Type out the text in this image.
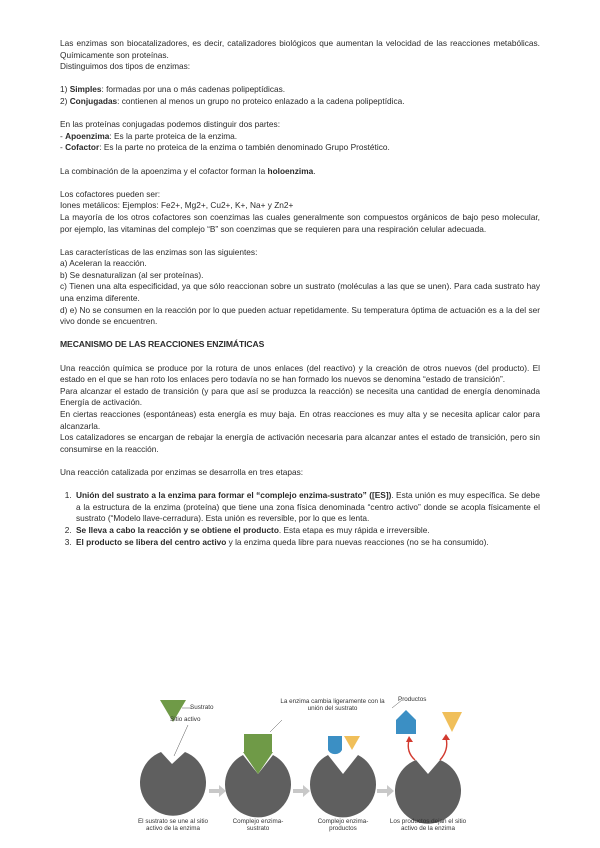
Las enzimas son biocatalizadores, es decir, catalizadores biológicos que aumentan la velocidad de las reacciones metabólicas. Químicamente son proteínas.

Distinguimos dos tipos de enzimas:

1) Simples: formadas por una o más cadenas polipeptídicas.

2) Conjugadas: contienen al menos un grupo no proteico enlazado a la cadena polipeptídica.

En las proteínas conjugadas podemos distinguir dos partes:

- Apoenzima: Es la parte proteica de la enzima.

- Cofactor: Es la parte no proteica de la enzima o también denominado Grupo Prostético.

La combinación de la apoenzima y el cofactor forman la holoenzima.

Los cofactores pueden ser:

Iones metálicos: Ejemplos: Fe2+, Mg2+, Cu2+, K+, Na+ y Zn2+

La mayoría de los otros cofactores son coenzimas las cuales generalmente son compuestos orgánicos de bajo peso molecular, por ejemplo, las vitaminas del complejo “B” son coenzimas que se requieren para una respiración celular adecuada.

Las características de las enzimas son las siguientes:

a) Aceleran la reacción.

b) Se desnaturalizan (al ser proteínas).

c) Tienen una alta especificidad, ya que sólo reaccionan sobre un sustrato (moléculas a las que se unen). Para cada sustrato hay una enzima diferente.

d) e) No se consumen en la reacción por lo que pueden actuar repetidamente. Su temperatura óptima de actuación es a la del ser vivo donde se encuentren.

MECANISMO DE LAS REACCIONES ENZIMÁTICAS

Una reacción química se produce por la rotura de unos enlaces (del reactivo) y la creación de otros nuevos (del producto). El estado en el que se han roto los enlaces pero todavía no se han formado los nuevos se denomina “estado de transición”.

Para alcanzar el estado de transición (y para que así se produzca la reacción) se necesita una cantidad de energía denominada Energía de activación.

En ciertas reacciones (espontáneas) esta energía es muy baja. En otras reacciones es muy alta y se necesita aplicar calor para alcanzarla.

Los catalizadores se encargan de rebajar la energía de activación necesaria para alcanzar antes el estado de transición, pero sin consumirse en la reacción.

Una reacción catalizada por enzimas se desarrolla en tres etapas:

1. Unión del sustrato a la enzima para formar el “complejo enzima-sustrato” ([ES]). Esta unión es muy específica. Se debe a la estructura de la enzima (proteína) que tiene una zona física denominada “centro activo” donde se acopla físicamente el sustrato (“Modelo llave-cerradura). Esta unión es reversible, por lo que es lenta.
2. Se lleva a cabo la reacción y se obtiene el producto. Esta etapa es muy rápida e irreversible.
3. El producto se libera del centro activo y la enzima queda libre para nuevas reacciones (no se ha consumido).
Sustrato
Sitio activo
La enzima cambia ligeramente con la unión del sustrato
Productos
El sustrato se une al sitio activo de la enzima
Complejo enzima-sustrato
Complejo enzima-productos
Los productos dejan el sitio activo de la enzima
